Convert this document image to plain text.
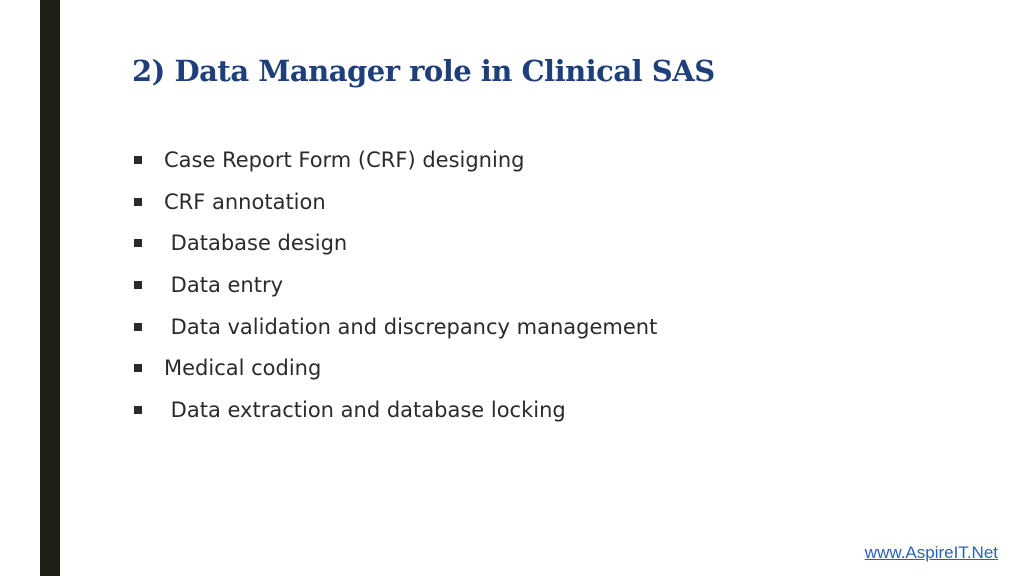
2) Data Manager role in Clinical SAS
Case Report Form (CRF) designing
CRF annotation
Database design
Data entry
Data validation and discrepancy management
Medical coding
Data extraction and database locking
www.AspireIT.Net
